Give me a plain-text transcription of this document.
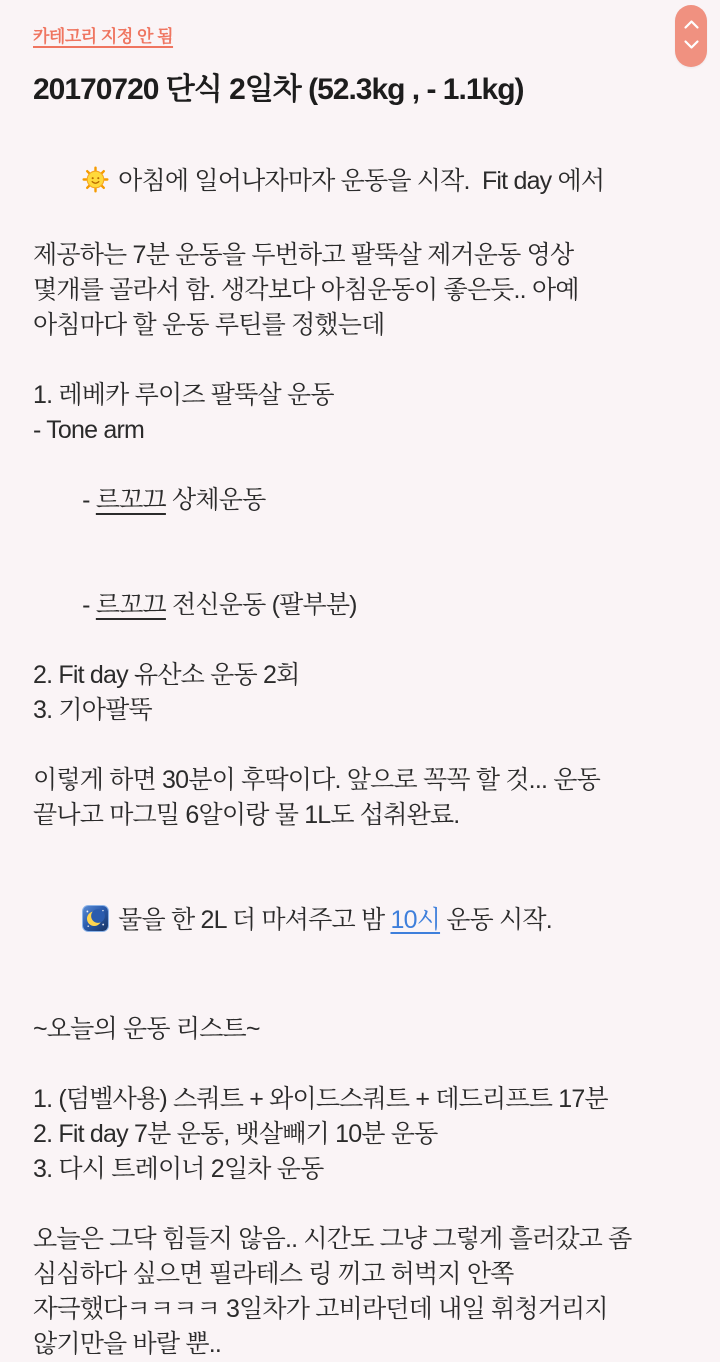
카테고리 지정 안 됨
20170720 단식 2일차 (52.3kg , - 1.1kg)

아침에 일어나자마자 운동을 시작.  Fit day 에서

제공하는 7분 운동을 두번하고 팔뚝살 제거운동 영상
몇개를 골라서 함. 생각보다 아침운동이 좋은듯.. 아예
아침마다 할 운동 루틴를 정했는데
1. 레베카 루이즈 팔뚝살 운동
- Tone arm

- 르꼬끄 상체운동

- 르꼬끄 전신운동 (팔부분)

2. Fit day 유산소 운동 2회
3. 기아팔뚝
이렇게 하면 30분이 후딱이다. 앞으로 꼭꼭 할 것... 운동
끝나고 마그밀 6알이랑 물 1L도 섭취완료.

물을 한 2L 더 마셔주고 밤 10시 운동 시작.

~오늘의 운동 리스트~
1. (덤벨사용) 스쿼트 + 와이드스쿼트 + 데드리프트 17분
2. Fit day 7분 운동, 뱃살빼기 10분 운동
3. 다시 트레이너 2일차 운동
오늘은 그닥 힘들지 않음.. 시간도 그냥 그렇게 흘러갔고 좀
심심하다 싶으면 필라테스 링 끼고 허벅지 안쪽
자극했다ㅋㅋㅋㅋ 3일차가 고비라던데 내일 휘청거리지
않기만을 바랄 뿐..
